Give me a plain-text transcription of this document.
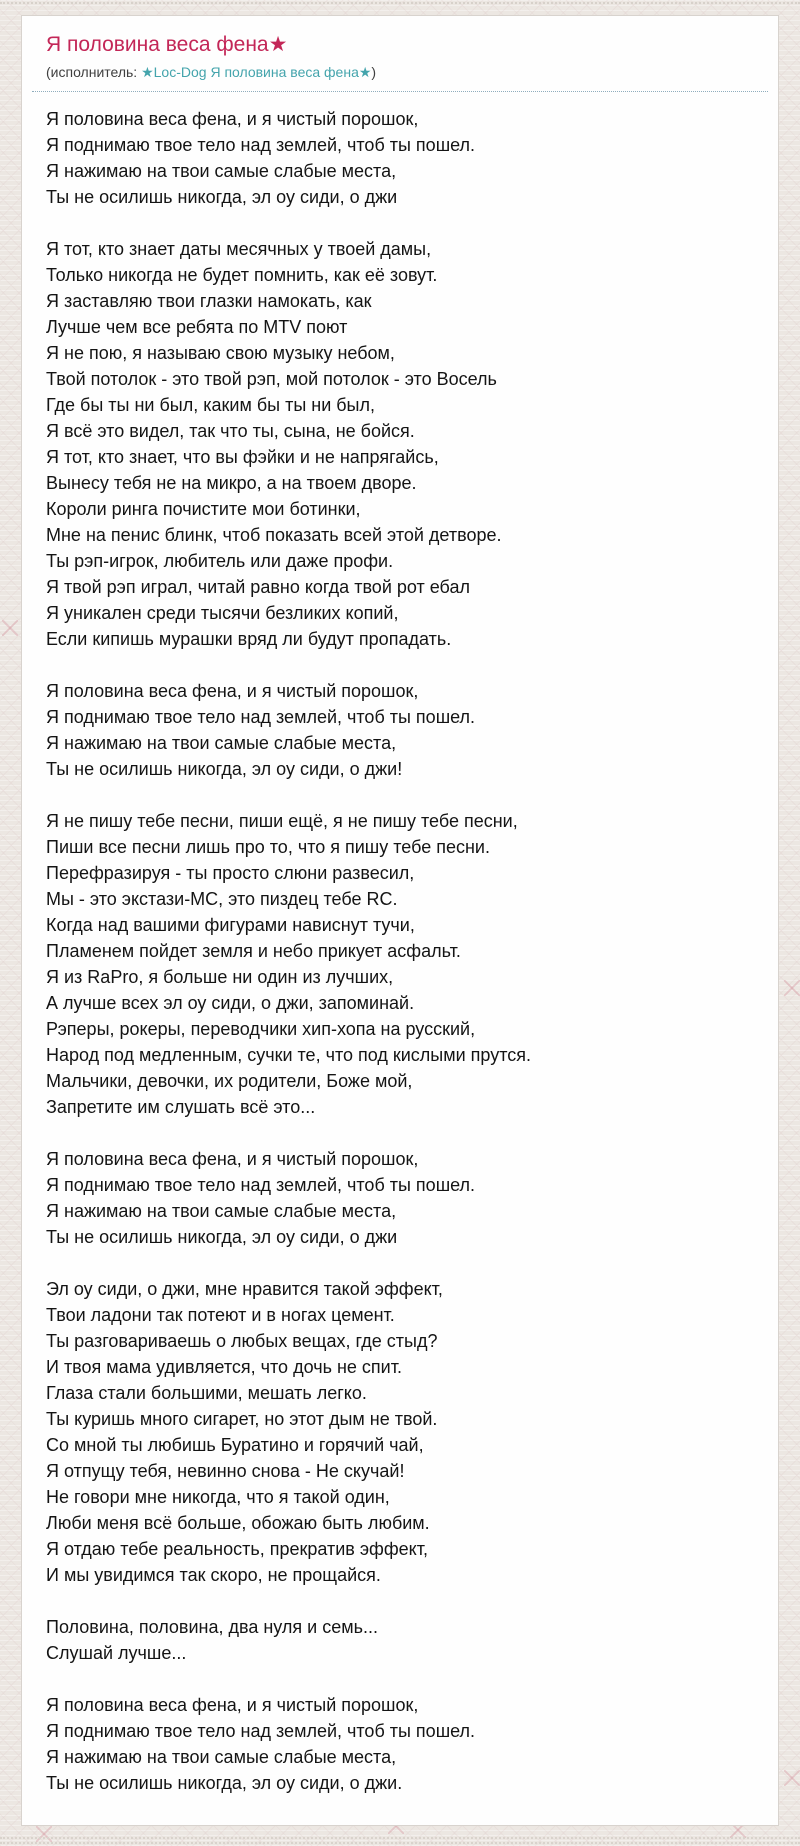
Я половина веса фена★
(исполнитель: ★Loc-Dog Я половина веса фена★)

Я половина веса фена, и я чистый порошок,
Я поднимаю твое тело над землей, чтоб ты пошел.
Я нажимаю на твои самые слабые места,
Ты не осилишь никогда, эл оу сиди, о джи

Я тот, кто знает даты месячных у твоей дамы,
Только никогда не будет помнить, как её зовут.
Я заставляю твои глазки намокать, как
Лучше чем все ребята по MTV поют
Я не пою, я называю свою музыку небом,
Твой потолок - это твой рэп, мой потолок - это Восель
Где бы ты ни был, каким бы ты ни был,
Я всё это видел, так что ты, сына, не бойся.
Я тот, кто знает, что вы фэйки и не напрягайсь,
Вынесу тебя не на микро, а на твоем дворе.
Короли ринга почистите мои ботинки,
Мне на пенис блинк, чтоб показать всей этой детворе.
Ты рэп-игрок, любитель или даже профи.
Я твой рэп играл, читай равно когда твой рот ебал
Я уникален среди тысячи безликих копий,
Если кипишь мурашки вряд ли будут пропадать.

Я половина веса фена, и я чистый порошок,
Я поднимаю твое тело над землей, чтоб ты пошел.
Я нажимаю на твои самые слабые места,
Ты не осилишь никогда, эл оу сиди, о джи!

Я не пишу тебе песни, пиши ещё, я не пишу тебе песни,
Пиши все песни лишь про то, что я пишу тебе песни.
Перефразируя - ты просто слюни развесил,
Мы - это экстази-MC, это пиздец тебе RC.
Когда над вашими фигурами нависнут тучи,
Пламенем пойдет земля и небо прикует асфальт.
Я из RaPro, я больше ни один из лучших,
А лучше всех эл оу сиди, о джи, запоминай.
Рэперы, рокеры, переводчики хип-хопа на русский,
Народ под медленным, сучки те, что под кислыми прутся.
Мальчики, девочки, их родители, Боже мой,
Запретите им слушать всё это...

Я половина веса фена, и я чистый порошок,
Я поднимаю твое тело над землей, чтоб ты пошел.
Я нажимаю на твои самые слабые места,
Ты не осилишь никогда, эл оу сиди, о джи

Эл оу сиди, о джи, мне нравится такой эффект,
Твои ладони так потеют и в ногах цемент.
Ты разговариваешь о любых вещах, где стыд?
И твоя мама удивляется, что дочь не спит.
Глаза стали большими, мешать легко.
Ты куришь много сигарет, но этот дым не твой.
Со мной ты любишь Буратино и горячий чай,
Я отпущу тебя, невинно снова - Не скучай!
Не говори мне никогда, что я такой один,
Люби меня всё больше, обожаю быть любим.
Я отдаю тебе реальность, прекратив эффект,
И мы увидимся так скоро, не прощайся.

Половина, половина, два нуля и семь...
Слушай лучше...

Я половина веса фена, и я чистый порошок,
Я поднимаю твое тело над землей, чтоб ты пошел.
Я нажимаю на твои самые слабые места,
Ты не осилишь никогда, эл оу сиди, о джи.
